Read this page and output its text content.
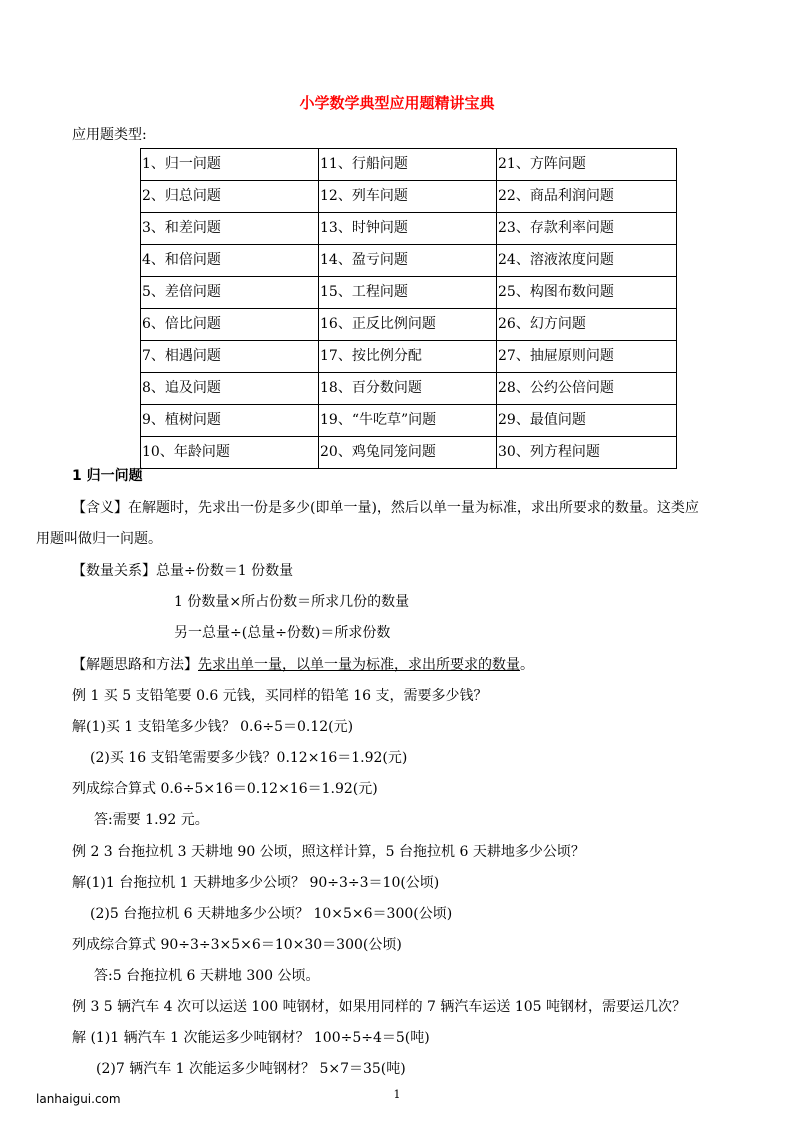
小学数学典型应用题精讲宝典
应用题类型:
1、归一问题	11、行船问题	21、方阵问题
2、归总问题	12、列车问题	22、商品利润问题
3、和差问题	13、时钟问题	23、存款利率问题
4、和倍问题	14、盈亏问题	24、溶液浓度问题
5、差倍问题	15、工程问题	25、构图布数问题
6、倍比问题	16、正反比例问题	26、幻方问题
7、相遇问题	17、按比例分配	27、抽屉原则问题
8、追及问题	18、百分数问题	28、公约公倍问题
9、植树问题	19、“牛吃草”问题	29、最值问题
10、年龄问题	20、鸡兔同笼问题	30、列方程问题
1 归一问题
【含义】在解题时，先求出一份是多少(即单一量)，然后以单一量为标准，求出所要求的数量。这类应
用题叫做归一问题。
【数量关系】总量÷份数＝1 份数量
1 份数量×所占份数＝所求几份的数量
另一总量÷(总量÷份数)＝所求份数
【解题思路和方法】先求出单一量，以单一量为标准，求出所要求的数量。
例 1 买 5 支铅笔要 0.6 元钱，买同样的铅笔 16 支，需要多少钱？
解(1)买 1 支铅笔多少钱？ 0.6÷5＝0.12(元)
(2)买 16 支铅笔需要多少钱？0.12×16＝1.92(元)
列成综合算式 0.6÷5×16＝0.12×16＝1.92(元)
答:需要 1.92 元。
例 2 3 台拖拉机 3 天耕地 90 公顷，照这样计算，5 台拖拉机 6 天耕地多少公顷？
解(1)1 台拖拉机 1 天耕地多少公顷？ 90÷3÷3＝10(公顷)
(2)5 台拖拉机 6 天耕地多少公顷？ 10×5×6＝300(公顷)
列成综合算式 90÷3÷3×5×6＝10×30＝300(公顷)
答:5 台拖拉机 6 天耕地 300 公顷。
例 3 5 辆汽车 4 次可以运送 100 吨钢材，如果用同样的 7 辆汽车运送 105 吨钢材，需要运几次？
解 (1)1 辆汽车 1 次能运多少吨钢材？ 100÷5÷4＝5(吨)
(2)7 辆汽车 1 次能运多少吨钢材？ 5×7＝35(吨)
lanhaigui.com	1
